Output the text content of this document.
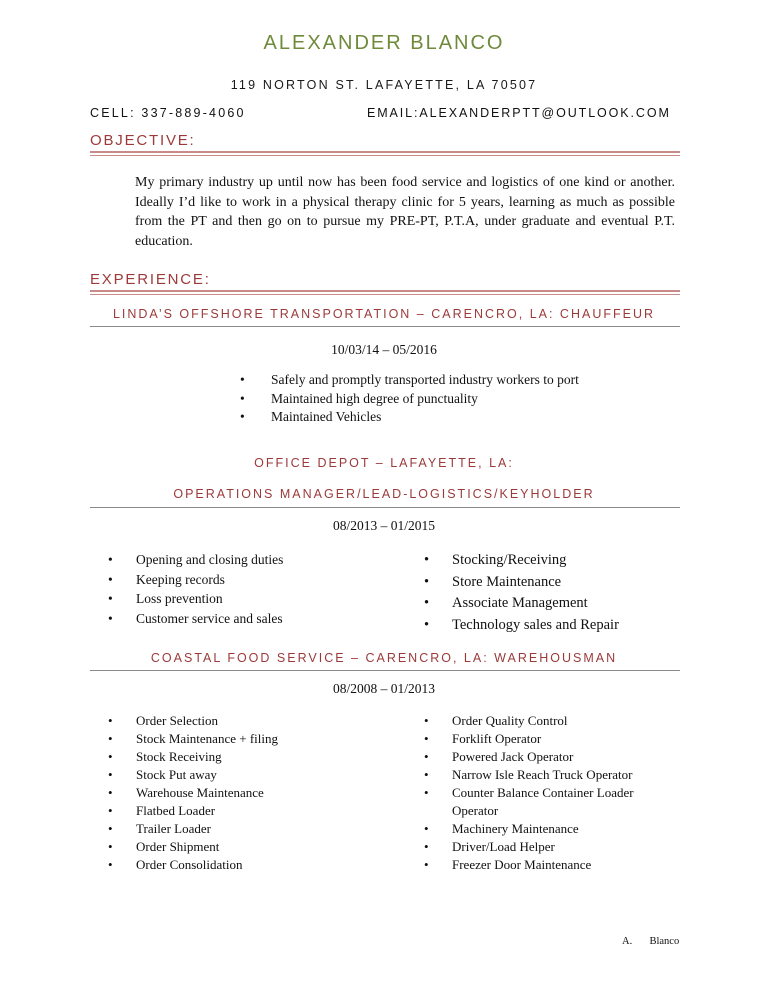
ALEXANDER BLANCO
119 NORTON ST. LAFAYETTE, LA 70507
CELL: 337-889-4060	EMAIL:ALEXANDERPTT@OUTLOOK.COM
OBJECTIVE:
My primary industry up until now has been food service and logistics of one kind or another. Ideally I’d like to work in a physical therapy clinic for 5 years, learning as much as possible from the PT and then go on to pursue my PRE-PT, P.T.A, under graduate and eventual P.T. education.
EXPERIENCE:
LINDA’S OFFSHORE TRANSPORTATION – CARENCRO, LA: CHAUFFEUR
10/03/14 – 05/2016
• Safely and promptly transported industry workers to port
• Maintained high degree of punctuality
• Maintained Vehicles
OFFICE DEPOT – LAFAYETTE, LA:
OPERATIONS MANAGER/LEAD-LOGISTICS/KEYHOLDER
08/2013 – 01/2015
• Opening and closing duties
• Keeping records
• Loss prevention
• Customer service and sales
• Stocking/Receiving
• Store Maintenance
• Associate Management
• Technology sales and Repair
COASTAL FOOD SERVICE – CARENCRO, LA: WAREHOUSMAN
08/2008 – 01/2013
• Order Selection
• Stock Maintenance + filing
• Stock Receiving
• Stock Put away
• Warehouse Maintenance
• Flatbed Loader
• Trailer Loader
• Order Shipment
• Order Consolidation
• Order Quality Control
• Forklift Operator
• Powered Jack Operator
• Narrow Isle Reach Truck Operator
• Counter Balance Container Loader
Operator
• Machinery Maintenance
• Driver/Load Helper
• Freezer Door Maintenance
A. Blanco
